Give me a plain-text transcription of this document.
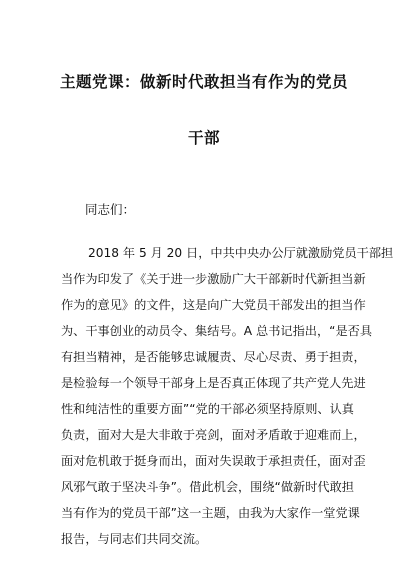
主题党课：做新时代敢担当有作为的党员
干部
同志们：
2018 年 5 月 20 日，中共中央办公厅就激励党员干部担
当作为印发了《关于进一步激励广大干部新时代新担当新
作为的意见》的文件，这是向广大党员干部发出的担当作
为、干事创业的动员令、集结号。A 总书记指出，“是否具
有担当精神，是否能够忠诚履责、尽心尽责、勇于担责，
是检验每一个领导干部身上是否真正体现了共产党人先进
性和纯洁性的重要方面”“党的干部必须坚持原则、认真
负责，面对大是大非敢于亮剑，面对矛盾敢于迎难而上，
面对危机敢于挺身而出，面对失误敢于承担责任，面对歪
风邪气敢于坚决斗争”。借此机会，围绕“做新时代敢担
当有作为的党员干部”这一主题，由我为大家作一堂党课
报告，与同志们共同交流。
